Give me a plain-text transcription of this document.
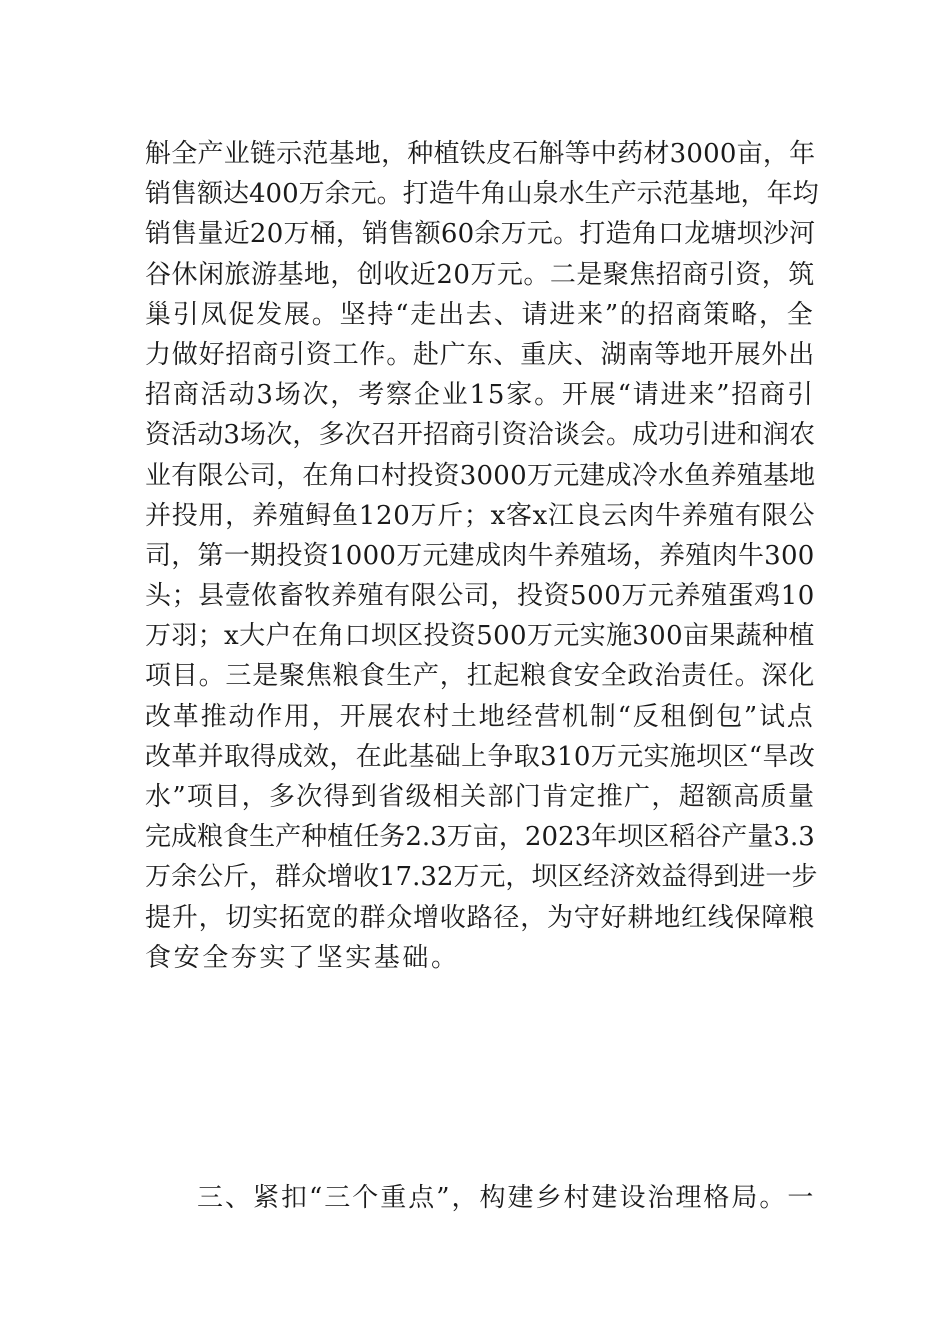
斛全产业链示范基地，种植铁皮石斛等中药材3000亩，年
销售额达400万余元。打造牛角山泉水生产示范基地，年均
销售量近20万桶，销售额60余万元。打造角口龙塘坝沙河
谷休闲旅游基地，创收近20万元。二是聚焦招商引资，筑
巢引凤促发展。坚持“走出去、请进来”的招商策略，全
力做好招商引资工作。赴广东、重庆、湖南等地开展外出
招商活动3场次，考察企业15家。开展“请进来”招商引
资活动3场次，多次召开招商引资洽谈会。成功引进和润农
业有限公司，在角口村投资3000万元建成冷水鱼养殖基地
并投用，养殖鲟鱼120万斤；x客x江良云肉牛养殖有限公
司，第一期投资1000万元建成肉牛养殖场，养殖肉牛300
头；县壹侬畜牧养殖有限公司，投资500万元养殖蛋鸡10
万羽；x大户在角口坝区投资500万元实施300亩果蔬种植
项目。三是聚焦粮食生产，扛起粮食安全政治责任。深化
改革推动作用，开展农村土地经营机制“反租倒包”试点
改革并取得成效，在此基础上争取310万元实施坝区“旱改
水”项目，多次得到省级相关部门肯定推广，超额高质量
完成粮食生产种植任务2.3万亩，2023年坝区稻谷产量3.3
万余公斤，群众增收17.32万元，坝区经济效益得到进一步
提升，切实拓宽的群众增收路径，为守好耕地红线保障粮
食安全夯实了坚实基础。
三、紧扣“三个重点”，构建乡村建设治理格局。一
